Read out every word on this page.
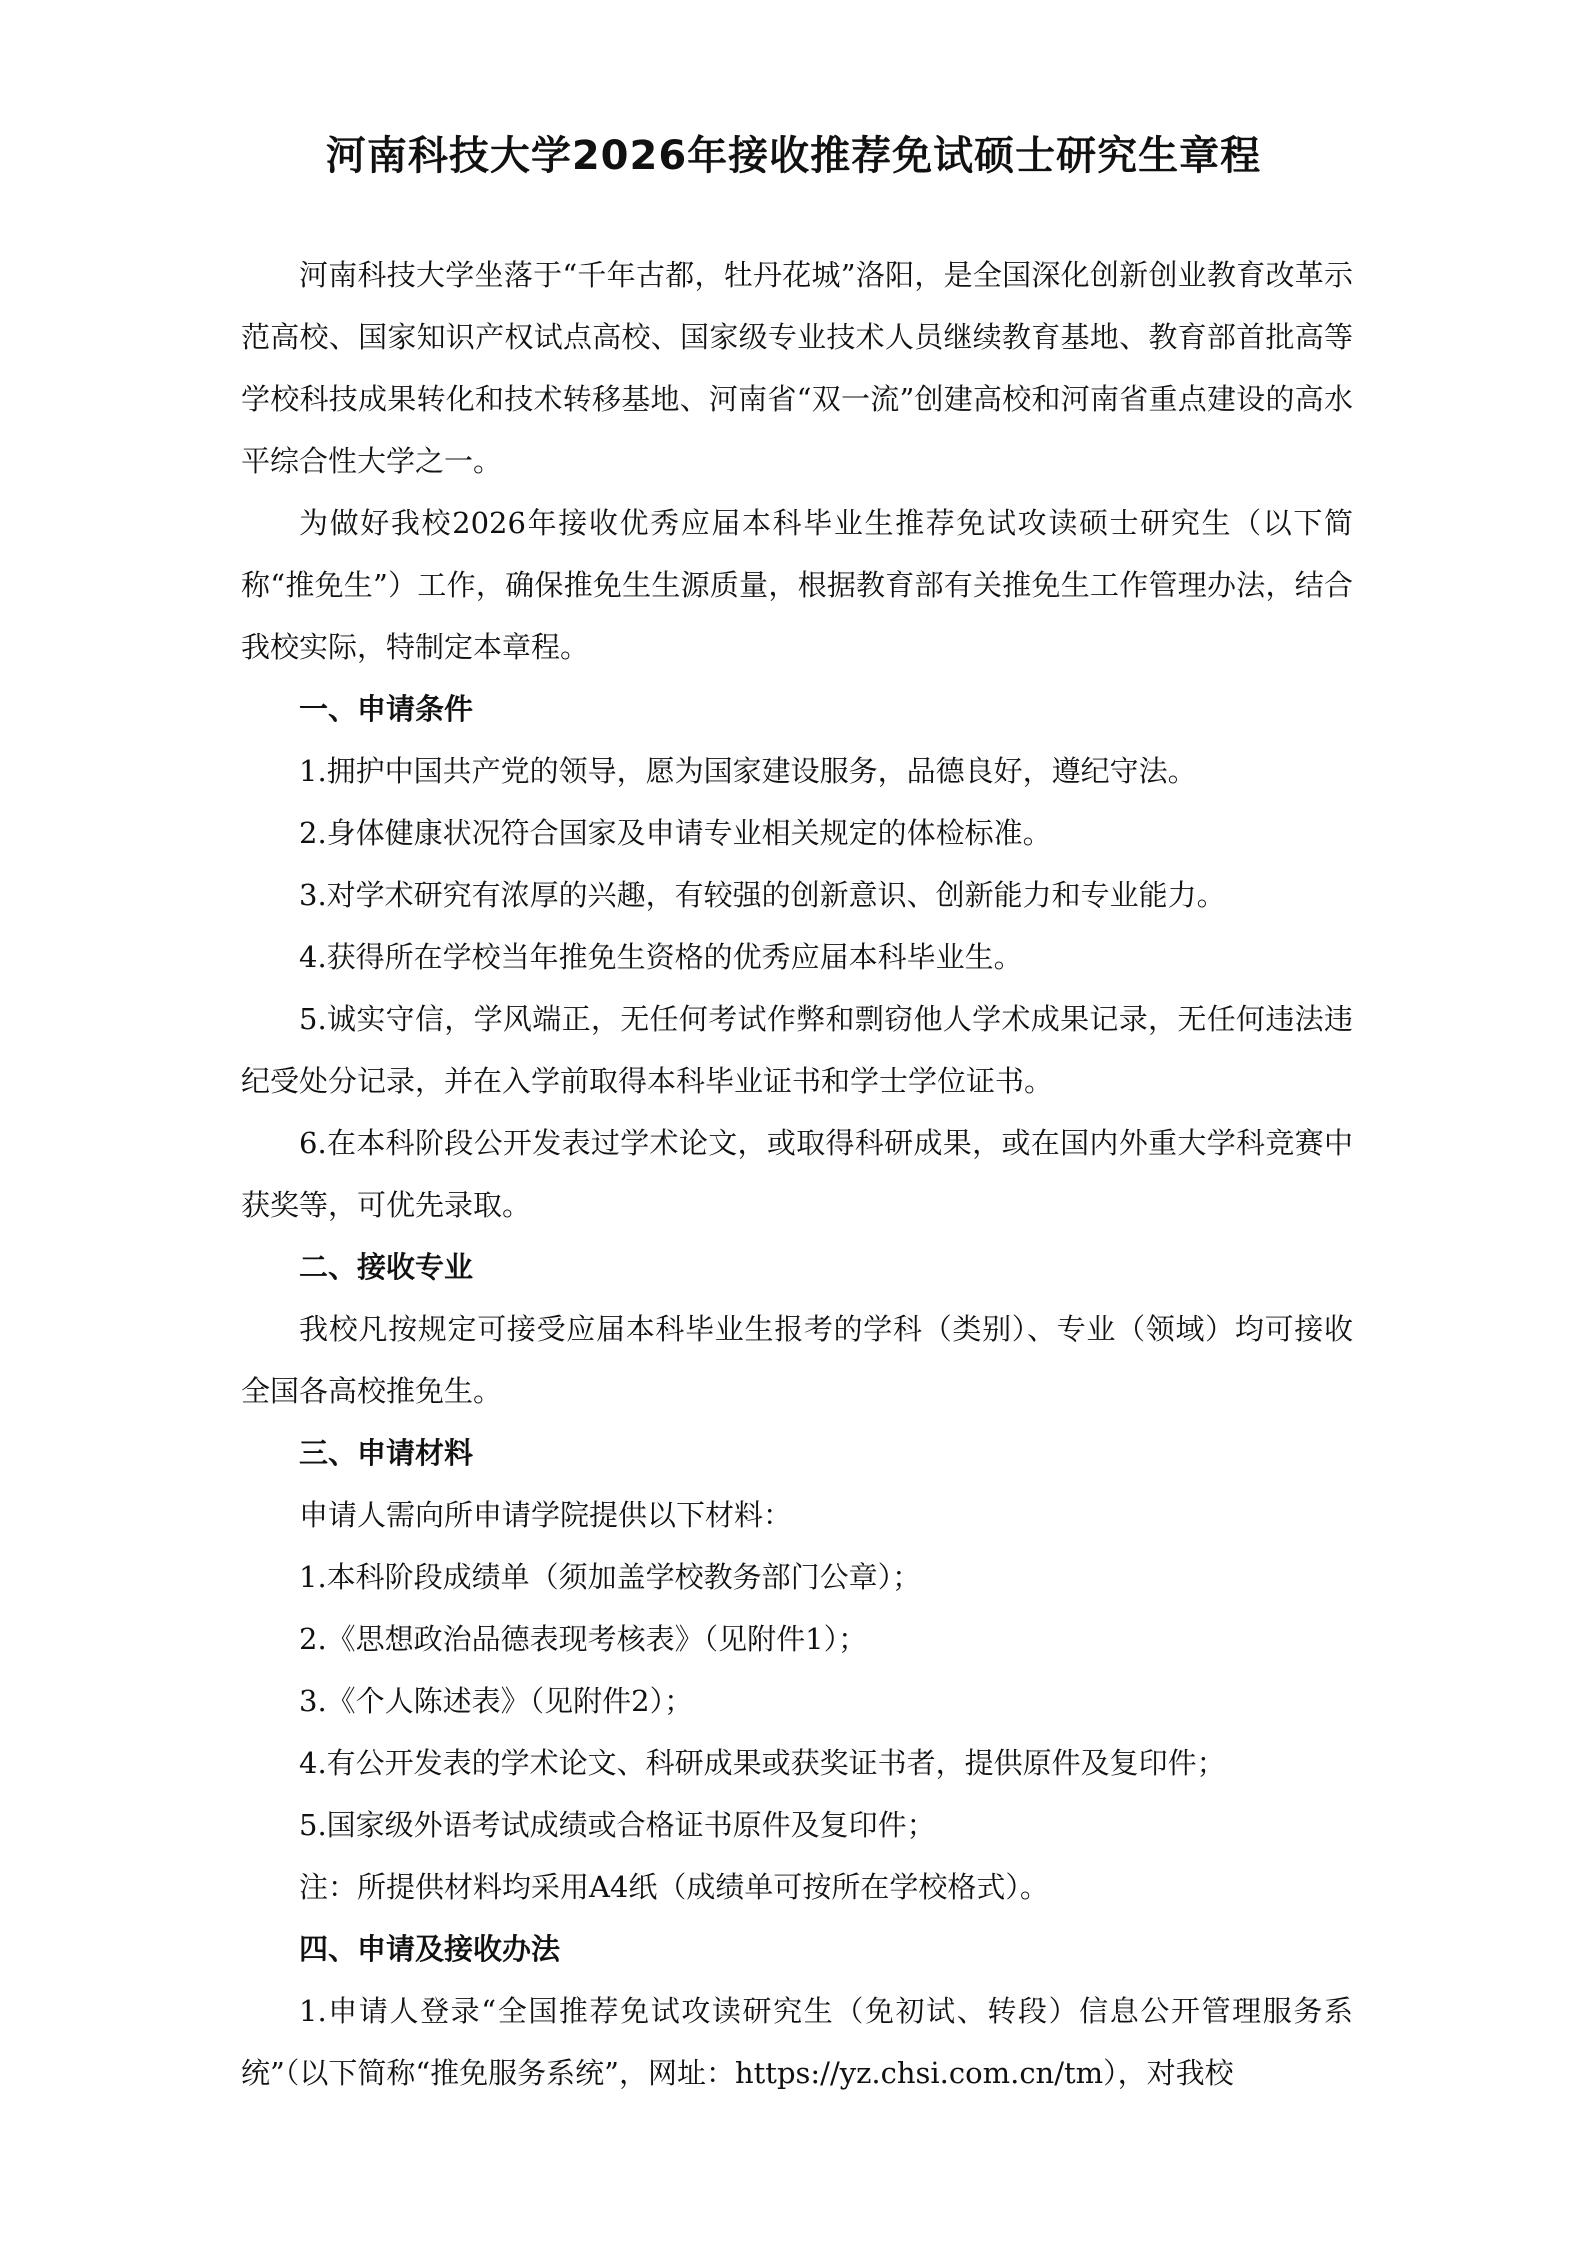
河南科技大学2026年接收推荐免试硕士研究生章程

河南科技大学坐落于“千年古都，牡丹花城”洛阳，是全国深化创新创业教育改革示范高校、国家知识产权试点高校、国家级专业技术人员继续教育基地、教育部首批高等学校科技成果转化和技术转移基地、河南省“双一流”创建高校和河南省重点建设的高水平综合性大学之一。

为做好我校2026年接收优秀应届本科毕业生推荐免试攻读硕士研究生（以下简称“推免生”）工作，确保推免生生源质量，根据教育部有关推免生工作管理办法，结合我校实际，特制定本章程。

一、申请条件

1.拥护中国共产党的领导，愿为国家建设服务，品德良好，遵纪守法。

2.身体健康状况符合国家及申请专业相关规定的体检标准。

3.对学术研究有浓厚的兴趣，有较强的创新意识、创新能力和专业能力。

4.获得所在学校当年推免生资格的优秀应届本科毕业生。

5.诚实守信，学风端正，无任何考试作弊和剽窃他人学术成果记录，无任何违法违纪受处分记录，并在入学前取得本科毕业证书和学士学位证书。

6.在本科阶段公开发表过学术论文，或取得科研成果，或在国内外重大学科竞赛中获奖等，可优先录取。

二、接收专业

我校凡按规定可接受应届本科毕业生报考的学科（类别）、专业（领域）均可接收全国各高校推免生。

三、申请材料

申请人需向所申请学院提供以下材料：

1.本科阶段成绩单（须加盖学校教务部门公章）；

2.《思想政治品德表现考核表》（见附件1）；

3.《个人陈述表》（见附件2）；

4.有公开发表的学术论文、科研成果或获奖证书者，提供原件及复印件；

5.国家级外语考试成绩或合格证书原件及复印件；

注：所提供材料均采用A4纸（成绩单可按所在学校格式）。

四、申请及接收办法

1.申请人登录“全国推荐免试攻读研究生（免初试、转段）信息公开管理服务系统”（以下简称“推免服务系统”，网址：https://yz.chsi.com.cn/tm），对我校
